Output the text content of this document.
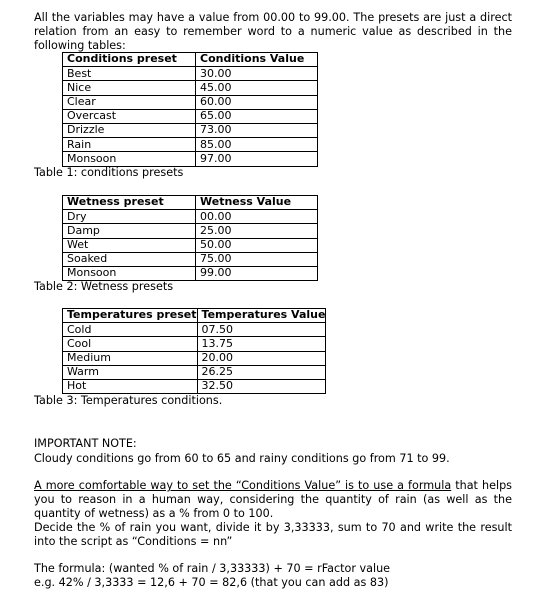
All the variables may have a value from 00.00 to 99.00. The presets are just a direct relation from an easy to remember word to a numeric value as described in the following tables:
Conditions preset	Conditions Value
Best	30.00
Nice	45.00
Clear	60.00
Overcast	65.00
Drizzle	73.00
Rain	85.00
Monsoon	97.00
Table 1: conditions presets
Wetness preset	Wetness Value
Dry	00.00
Damp	25.00
Wet	50.00
Soaked	75.00
Monsoon	99.00
Table 2: Wetness presets
Temperatures preset	Temperatures Value
Cold	07.50
Cool	13.75
Medium	20.00
Warm	26.25
Hot	32.50
Table 3: Temperatures conditions.
IMPORTANT NOTE:
Cloudy conditions go from 60 to 65 and rainy conditions go from 71 to 99.
A more comfortable way to set the “Conditions Value” is to use a formula that helps you to reason in a human way, considering the quantity of rain (as well as the quantity of wetness) as a % from 0 to 100.
Decide the % of rain you want, divide it by 3,33333, sum to 70 and write the result into the script as “Conditions = nn”
The formula: (wanted % of rain / 3,33333) + 70 = rFactor value
e.g. 42% / 3,3333 = 12,6 + 70 = 82,6 (that you can add as 83)
